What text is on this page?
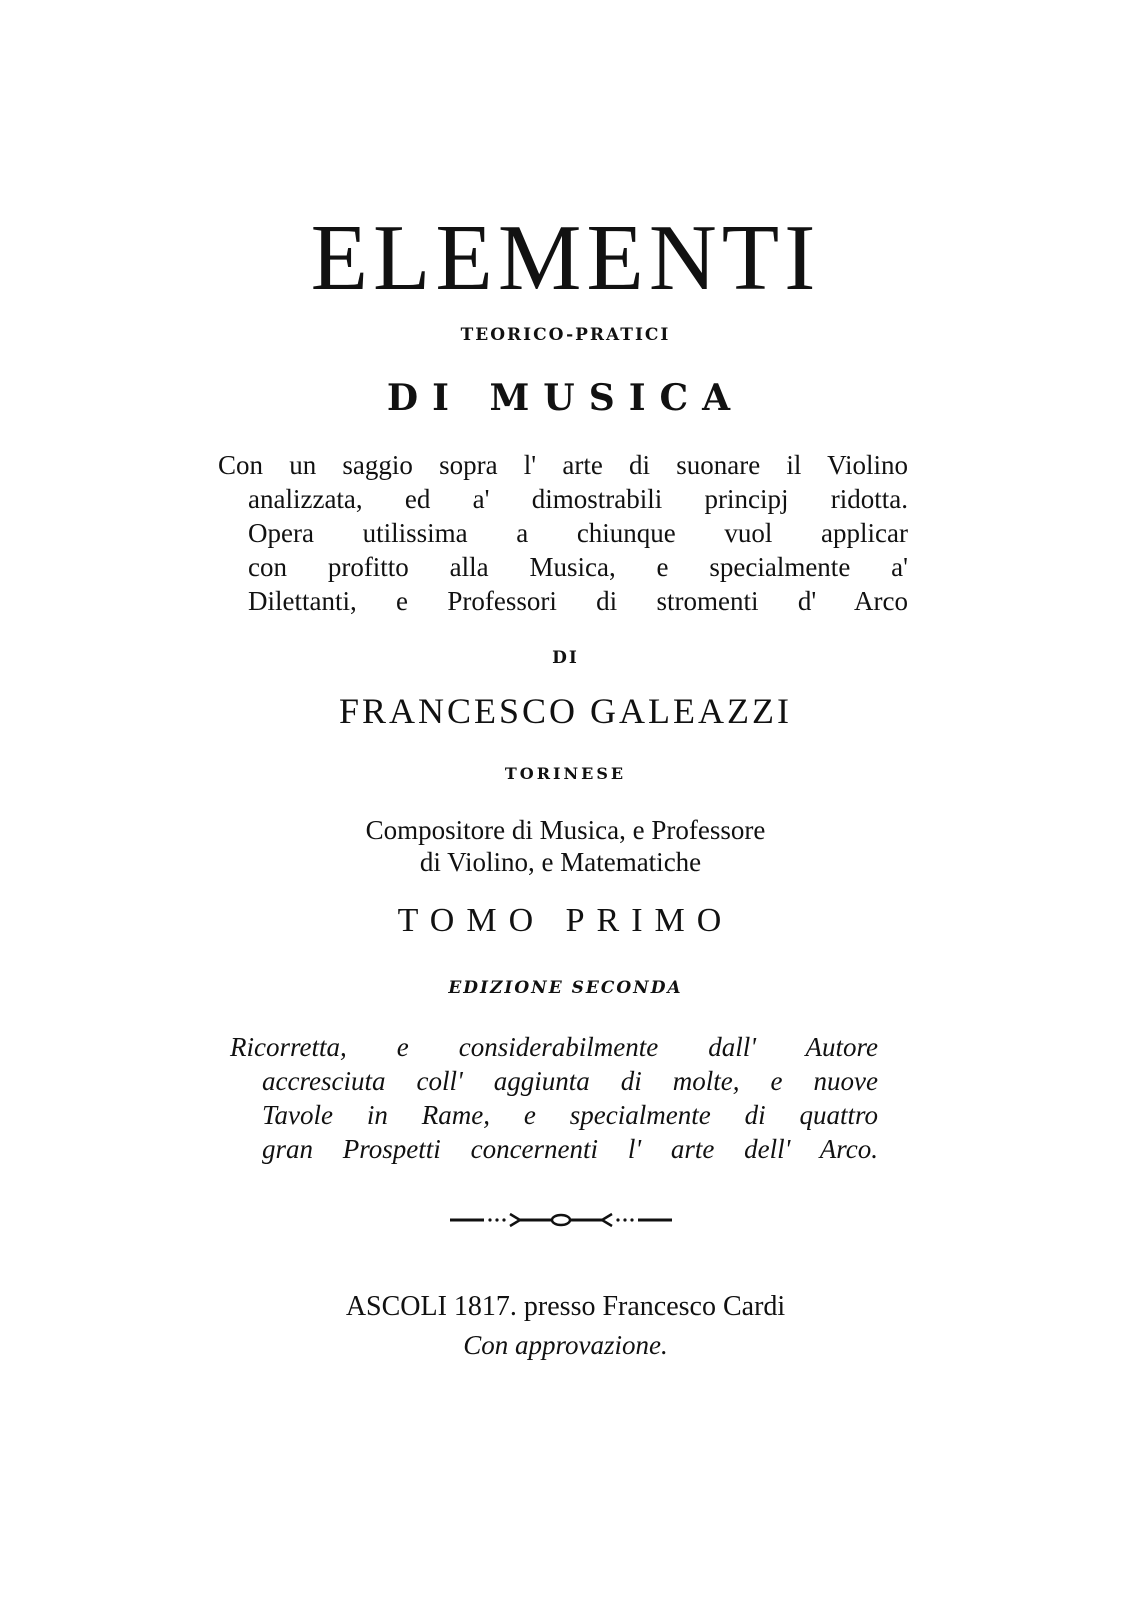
ELEMENTI
TEORICO-PRATICI
DI MUSICA
Con un saggio sopra l' arte di suonare il Violino
analizzata, ed a' dimostrabili principj ridotta.
Opera utilissima a chiunque vuol applicar
con profitto alla Musica, e specialmente a'
Dilettanti, e Professori di stromenti d' Arco
DI
FRANCESCO GALEAZZI
TORINESE
Compositore di Musica, e Professore
di Violino, e Matematiche
TOMO PRIMO
EDIZIONE SECONDA
Ricorretta, e considerabilmente dall' Autore
accresciuta coll' aggiunta di molte, e nuove
Tavole in Rame, e specialmente di quattro
gran Prospetti concernenti l' arte dell' Arco.
ASCOLI 1817. presso Francesco Cardi
Con approvazione.
